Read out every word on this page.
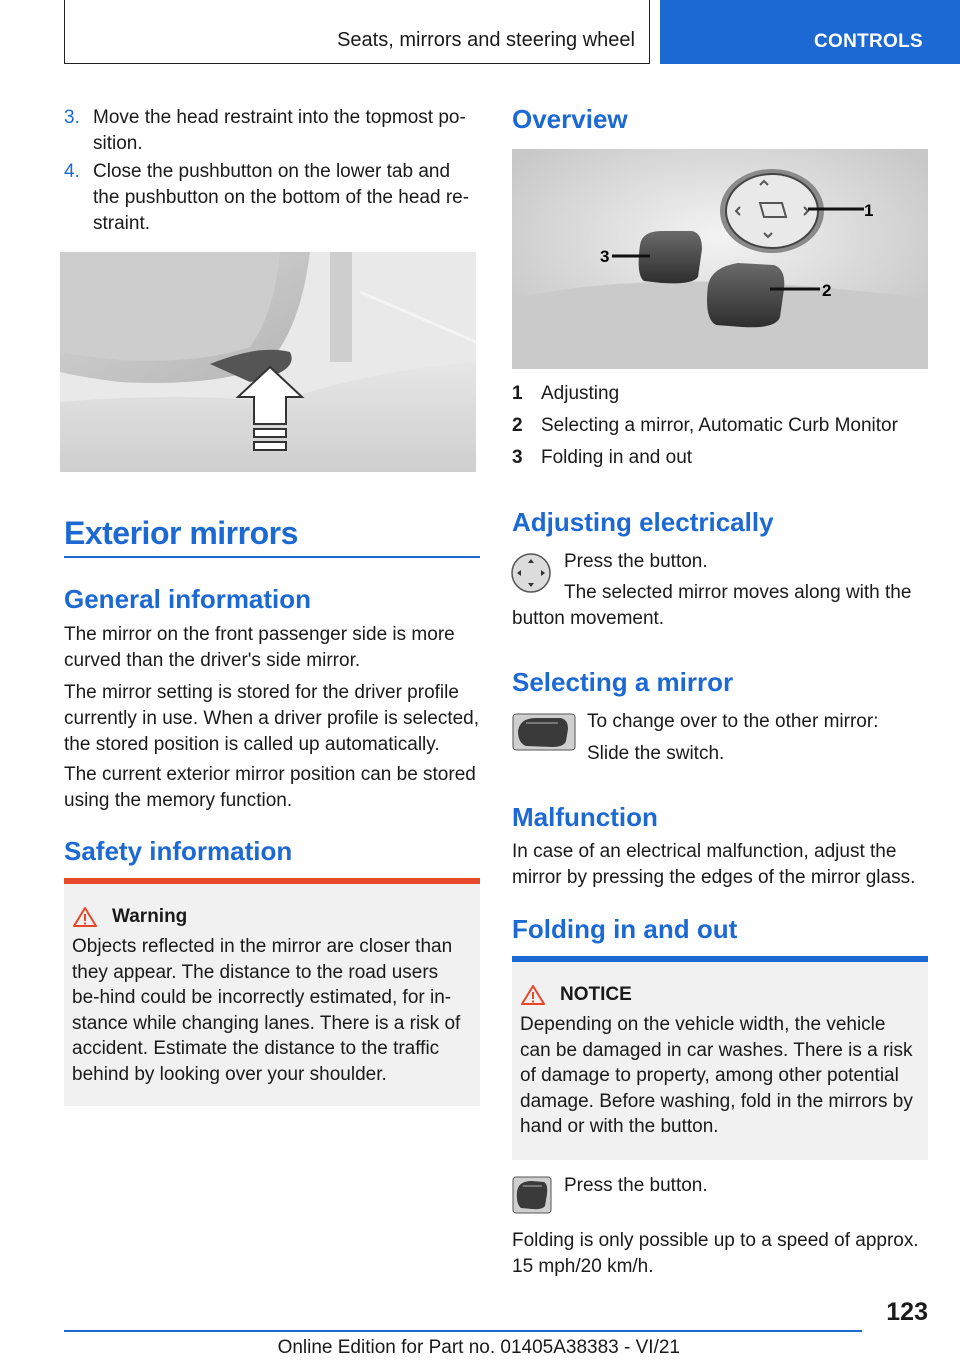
Seats, mirrors and steering wheel	CONTROLS
3. Move the head restraint into the topmost po-sition.
4. Close the pushbutton on the lower tab and the pushbutton on the bottom of the head re-straint.
Exterior mirrors
General information

The mirror on the front passenger side is more curved than the driver's side mirror.

The mirror setting is stored for the driver profile currently in use. When a driver profile is selected, the stored position is called up automatically.

The current exterior mirror position can be stored using the memory function.

Safety information
Warning
Objects reflected in the mirror are closer than they appear. The distance to the road users be-hind could be incorrectly estimated, for in-stance while changing lanes. There is a risk of accident. Estimate the distance to the traffic behind by looking over your shoulder.
Overview
1
2
3
1 Adjusting
2 Selecting a mirror, Automatic Curb Monitor
3 Folding in and out
Adjusting electrically

Press the button.

The selected mirror moves along with the button movement.

Selecting a mirror

To change over to the other mirror:

Slide the switch.

Malfunction

In case of an electrical malfunction, adjust the mirror by pressing the edges of the mirror glass.

Folding in and out
NOTICE
Depending on the vehicle width, the vehicle can be damaged in car washes. There is a risk of damage to property, among other potential damage. Before washing, fold in the mirrors by hand or with the button.

Press the button.

Folding is only possible up to a speed of approx. 15 mph/20 km/h.

123
Online Edition for Part no. 01405A38383 - VI/21
